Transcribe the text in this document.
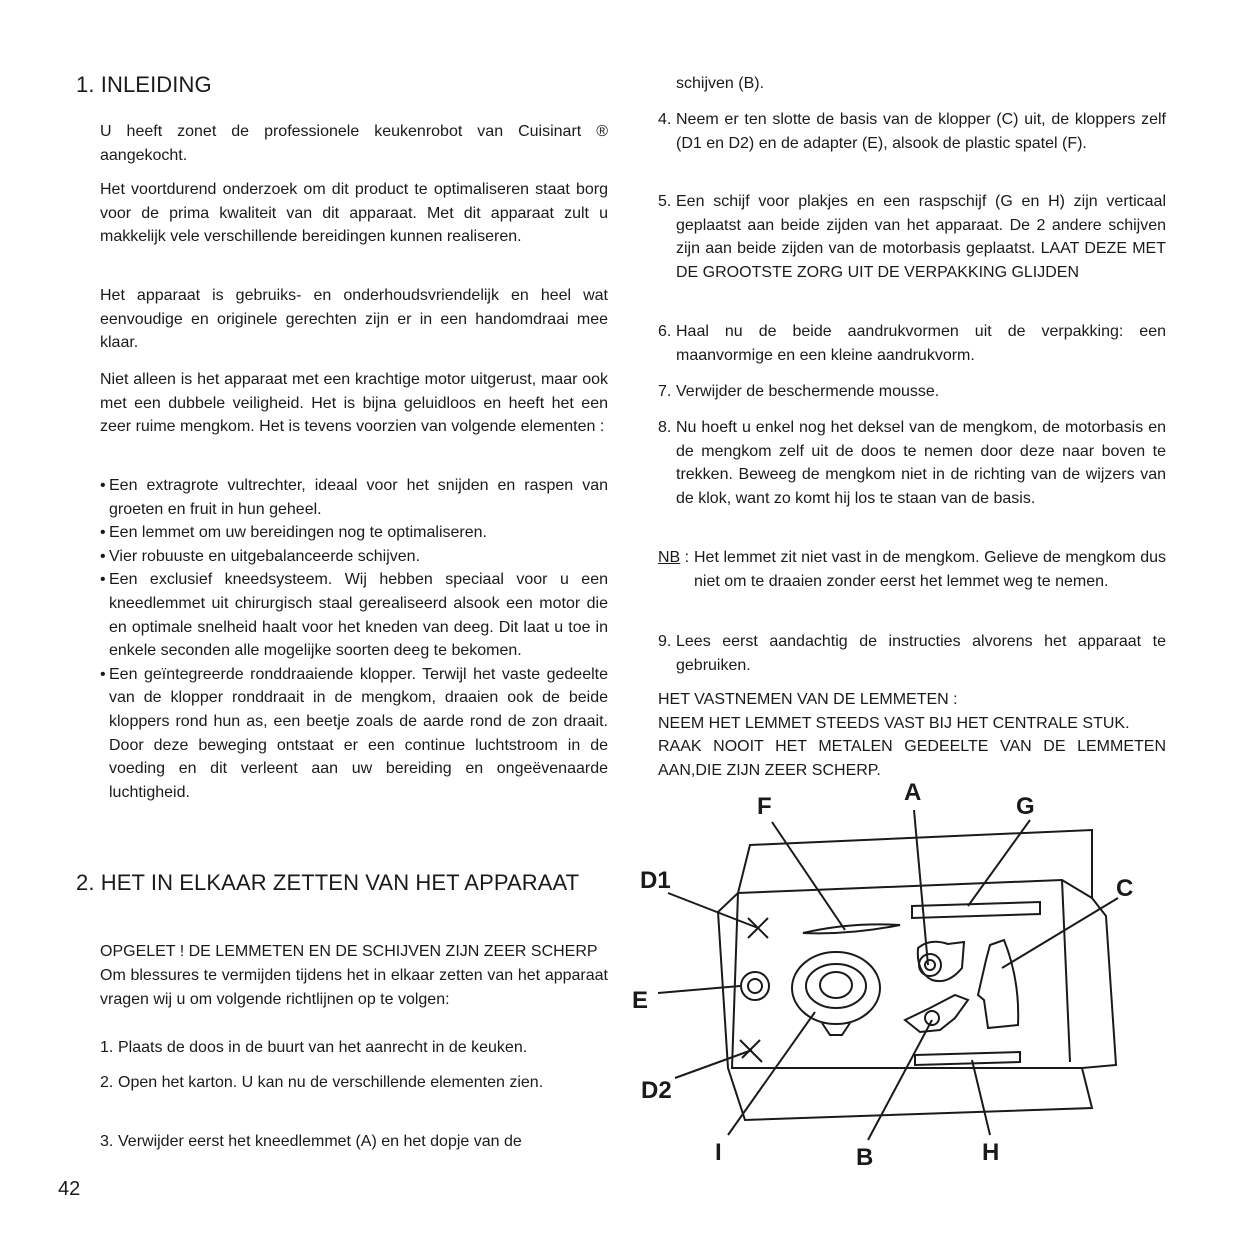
1. INLEIDING

U heeft zonet de professionele keukenrobot van Cuisinart ® aangekocht.

Het voortdurend onderzoek om dit product te optimaliseren staat borg voor de prima kwaliteit van dit apparaat. Met dit apparaat zult u makkelijk vele verschillende bereidingen kunnen realiseren.

Het apparaat is gebruiks- en onderhoudsvriendelijk en heel wat eenvoudige en originele gerechten zijn er in een handomdraai mee klaar.

Niet alleen is het apparaat met een krachtige motor uitgerust, maar ook met een dubbele veiligheid. Het is bijna geluidloos en heeft het een zeer ruime mengkom. Het is tevens voorzien van volgende elementen :

• Een extragrote vultrechter, ideaal voor het snijden en raspen van groeten en fruit in hun geheel.
• Een lemmet om uw bereidingen nog te optimaliseren.
• Vier robuuste en uitgebalanceerde schijven.
• Een exclusief kneedsysteem. Wij hebben speciaal voor u een kneedlemmet uit chirurgisch staal gerealiseerd alsook een motor die en optimale snelheid haalt voor het kneden van deeg. Dit laat u toe in enkele seconden alle mogelijke soorten deeg te bekomen.
• Een geïntegreerde ronddraaiende klopper. Terwijl het vaste gedeelte van de klopper ronddraait in de mengkom, draaien ook de beide kloppers rond hun as, een beetje zoals de aarde rond de zon draait. Door deze beweging ontstaat er een continue luchtstroom in de voeding en dit verleent aan uw bereiding en ongeëvenaarde luchtigheid.
2. HET IN ELKAAR ZETTEN VAN HET APPARAAT

OPGELET ! DE LEMMETEN EN DE SCHIJVEN ZIJN ZEER SCHERP

Om blessures te vermijden tijdens het in elkaar zetten van het apparaat vragen wij u om volgende richtlijnen op te volgen:

1. Plaats de doos in de buurt van het aanrecht in de keuken.
2. Open het karton. U kan nu de verschillende elementen zien.
3. Verwijder eerst het kneedlemmet (A) en het dopje van de

schijven (B).

4. Neem er ten slotte de basis van de klopper (C) uit, de kloppers zelf (D1 en D2) en de adapter (E), alsook de plastic spatel (F).
5. Een schijf voor plakjes en een raspschijf (G en H) zijn verticaal geplaatst aan beide zijden van het apparaat. De 2 andere schijven zijn aan beide zijden van de motorbasis geplaatst. LAAT DEZE MET DE GROOTSTE ZORG UIT DE VERPAKKING GLIJDEN
6. Haal nu de beide aandrukvormen uit de verpakking: een maanvormige en een kleine aandrukvorm.
7. Verwijder de beschermende mousse.
8. Nu hoeft u enkel nog het deksel van de mengkom, de motorbasis en de mengkom zelf uit de doos te nemen door deze naar boven te trekken. Beweeg de mengkom niet in de richting van de wijzers van de klok, want zo komt hij los te staan van de basis.
NB : Het lemmet zit niet vast in de mengkom. Gelieve de mengkom dus niet om te draaien zonder eerst het lemmet weg te nemen.
9. Lees eerst aandachtig de instructies alvorens het apparaat te gebruiken.
HET VASTNEMEN VAN DE LEMMETEN :
NEEM HET LEMMET STEEDS VAST BIJ HET CENTRALE STUK.
RAAK NOOIT HET METALEN GEDEELTE VAN DE LEMMETEN
AAN,DIE ZIJN ZEER SCHERP.
F
A
G
D1	C
E
D2
I	B	H
42
